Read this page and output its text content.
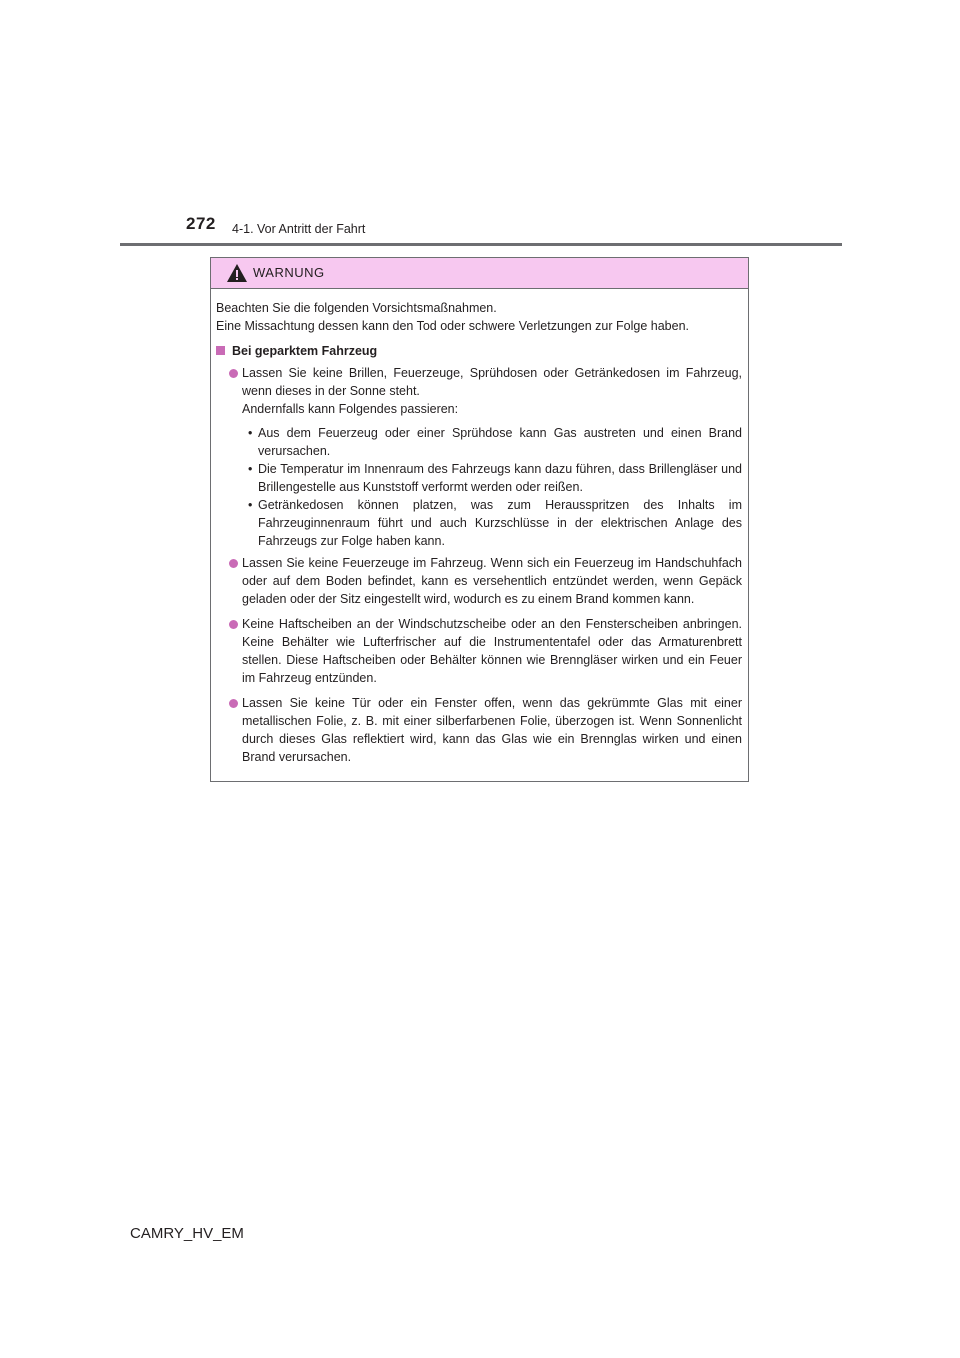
272 4-1. Vor Antritt der Fahrt
WARNUNG

Beachten Sie die folgenden Vorsichtsmaßnahmen.

Eine Missachtung dessen kann den Tod oder schwere Verletzungen zur Folge haben.

Bei geparktem Fahrzeug
Lassen Sie keine Brillen, Feuerzeuge, Sprühdosen oder Getränkedosen im Fahrzeug, wenn dieses in der Sonne steht.

Andernfalls kann Folgendes passieren:

• Aus dem Feuerzeug oder einer Sprühdose kann Gas austreten und einen Brand verursachen.
• Die Temperatur im Innenraum des Fahrzeugs kann dazu führen, dass Brillengläser und Brillengestelle aus Kunststoff verformt werden oder reißen.
• Getränkedosen können platzen, was zum Herausspritzen des Inhalts im Fahrzeuginnenraum führt und auch Kurzschlüsse in der elektrischen Anlage des Fahrzeugs zur Folge haben kann.
Lassen Sie keine Feuerzeuge im Fahrzeug. Wenn sich ein Feuerzeug im Handschuhfach oder auf dem Boden befindet, kann es versehentlich entzündet werden, wenn Gepäck geladen oder der Sitz eingestellt wird, wodurch es zu einem Brand kommen kann.
Keine Haftscheiben an der Windschutzscheibe oder an den Fensterscheiben anbringen. Keine Behälter wie Lufterfrischer auf die Instrumententafel oder das Armaturenbrett stellen. Diese Haftscheiben oder Behälter können wie Brenngläser wirken und ein Feuer im Fahrzeug entzünden.
Lassen Sie keine Tür oder ein Fenster offen, wenn das gekrümmte Glas mit einer metallischen Folie, z. B. mit einer silberfarbenen Folie, überzogen ist. Wenn Sonnenlicht durch dieses Glas reflektiert wird, kann das Glas wie ein Brennglas wirken und einen Brand verursachen.
CAMRY_HV_EM
